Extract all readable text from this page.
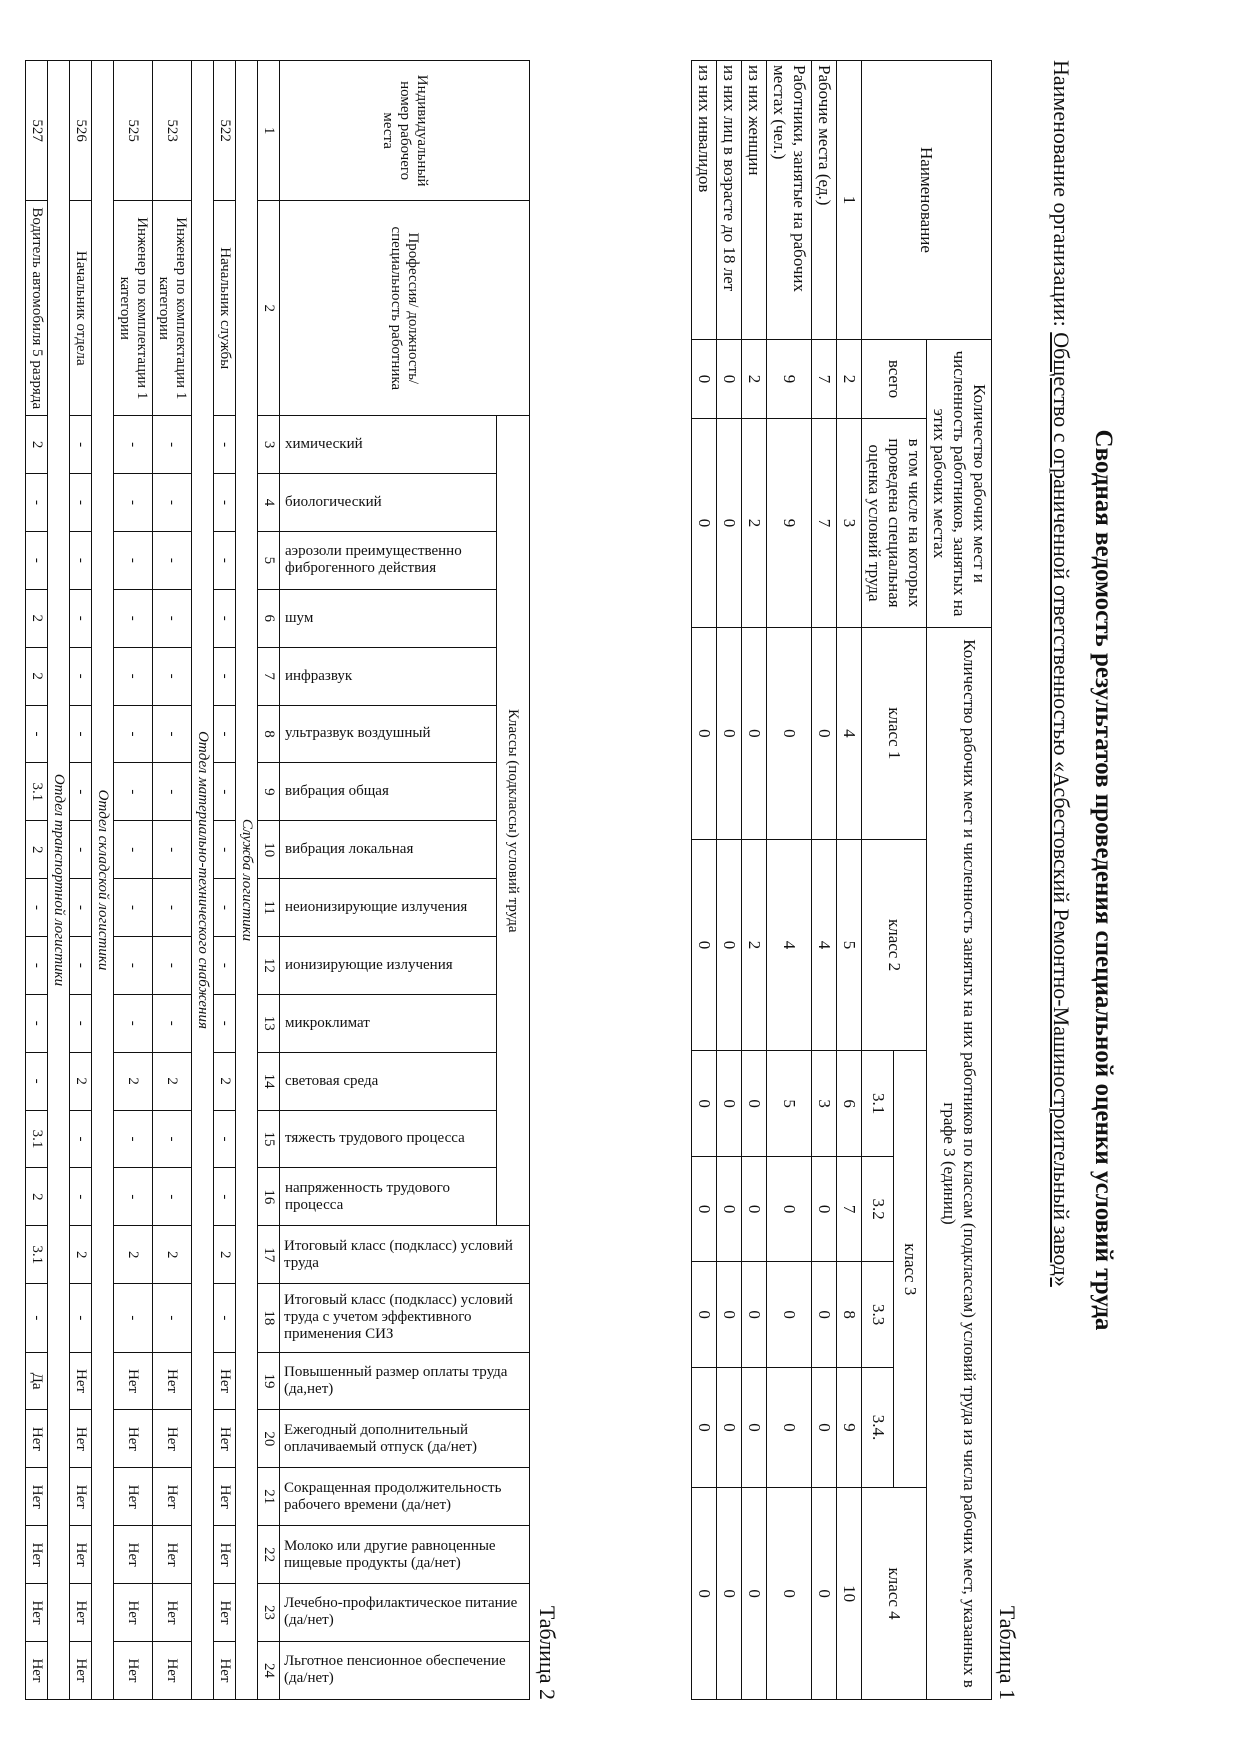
Сводная ведомость результатов проведения специальной оценки условий труда
Наименование организации: Общество с ограниченной ответственностью «Асбестовский Ремонтно-Машиностроительный завод»
Таблица 1
Наименование	Количество рабочих мест и численность работников, занятых на этих рабочих местах		Количество рабочих мест и численность занятых на них работников по классам (подклассам) условий труда из числа рабочих мест, указанных в графе 3 (единиц)						
	всего	в том числе на которых проведена специальная оценка условий труда	класс 1	класс 2	класс 3				класс 4
					3.1	3.2	3.3	3.4.	
1	2	3	4	5	6	7	8	9	10
Рабочие места (ед.)	7	7	0	4	3	0	0	0	0
Работники, занятые на рабочих местах (чел.)	9	9	0	4	5	0	0	0	0
из них женщин	2	2	0	2	0	0	0	0	0
из них лиц в возрасте до 18 лет	0	0	0	0	0	0	0	0	0
из них инвалидов	0	0	0	0	0	0	0	0	0
Таблица 2
Индивидуальный номер рабочего места	Профессия/ должность/ специальность работника	Классы (подклассы) условий труда														Итоговый класс (подкласс) условий труда	Итоговый класс (подкласс) условий труда с учетом эффективного применения СИЗ	Повышенный размер оплаты труда (да,нет)	Ежегодный дополнительный оплачиваемый отпуск (да/нет)	Сокращенная продолжительность рабочего времени (да/нет)	Молоко или другие равноценные пищевые продукты (да/нет)	Лечебно-профилактическое питание (да/нет)	Льготное пенсионное обеспечение (да/нет)

		химический	биологический	аэрозоли преимущественно фиброгенного действия	шум	инфразвук	ультразвук воздушный	вибрация общая	вибрация локальная	неионизирующие излучения	ионизирующие излучения	микроклимат	световая среда	тяжесть трудового процесса	напряженность трудового процесса								

1	2	3	4	5	6	7	8	9	10	11	12	13	14	15	16	17	18	19	20	21	22	23	24
Служба логистики																							
522	Начальник службы	-	-	-	-	-	-	-	-	-	-	-	2	-	-	2	-	Нет	Нет	Нет	Нет	Нет	Нет
Отдел материально-технического снабжения																							
523	Инженер по комплектации 1 категории	-	-	-	-	-	-	-	-	-	-	-	2	-	-	2	-	Нет	Нет	Нет	Нет	Нет	Нет
525	Инженер по комплектации 1 категории	-	-	-	-	-	-	-	-	-	-	-	2	-	-	2	-	Нет	Нет	Нет	Нет	Нет	Нет
Отдел складской логистики																							
526	Начальник отдела	-	-	-	-	-	-	-	-	-	-	-	2	-	-	2	-	Нет	Нет	Нет	Нет	Нет	Нет
Отдел транспортной логистики																							
527	Водитель автомобиля 5 разряда	2	-	-	2	2	-	3.1	2	-	-	-	-	3.1	2	3.1	-	Да	Нет	Нет	Нет	Нет	Нет
